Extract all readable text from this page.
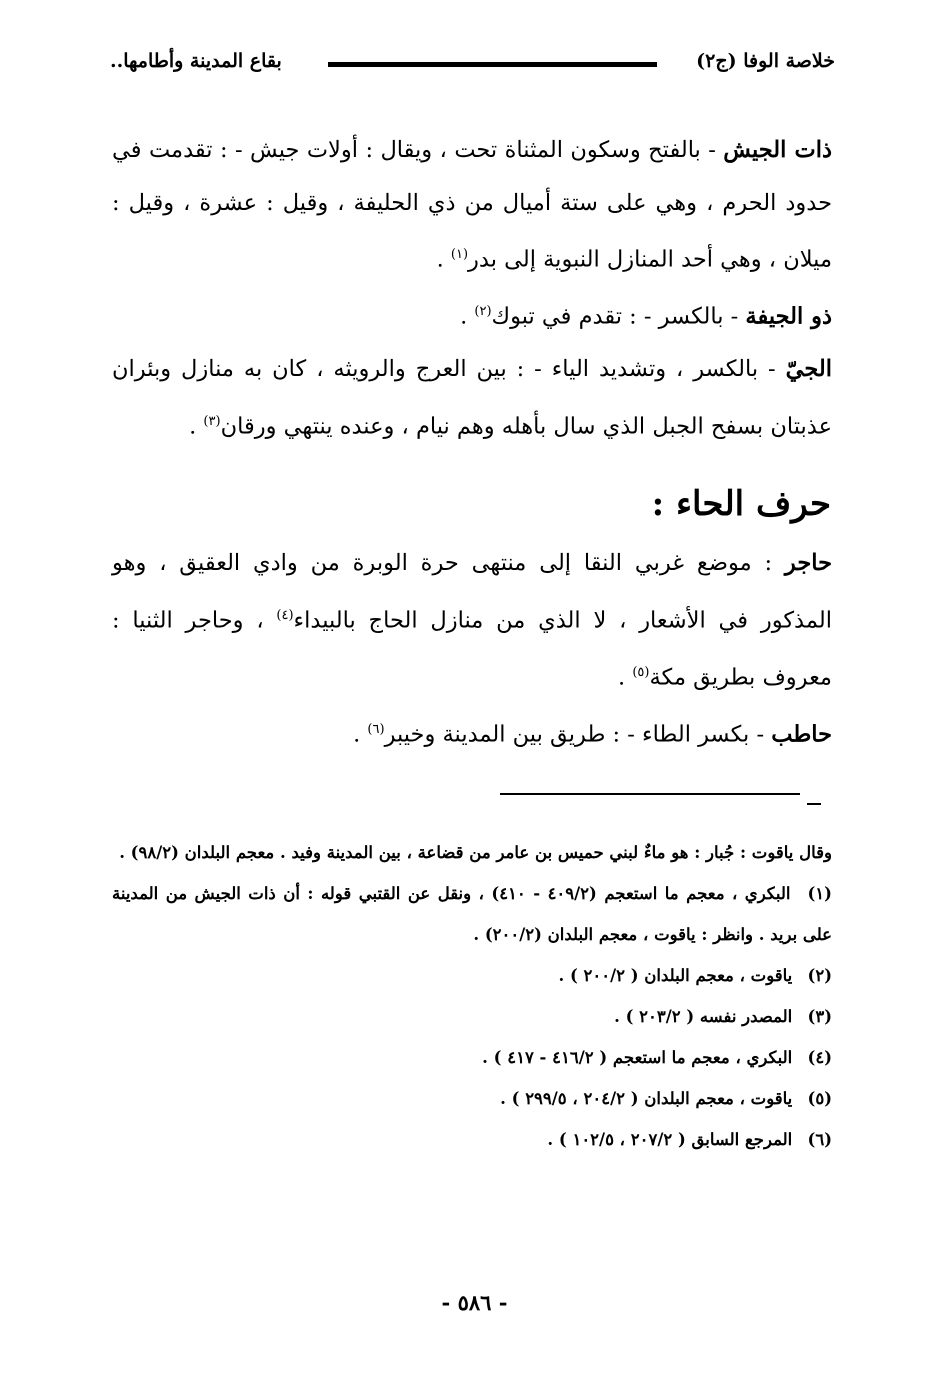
خلاصة الوفا (ج٢)
بقاع المدينة وأطامها..

ذات الجيش - بالفتح وسكون المثناة تحت ، ويقال : أولات جيش - : تقدمت في حدود الحرم ، وهي على ستة أميال من ذي الحليفة ، وقيل : عشرة ، وقيل : ميلان ، وهي أحد المنازل النبوية إلى بدر$^{(١)}$ .

ذو الجيفة - بالكسر - : تقدم في تبوك$^{(٢)}$ .

الجيّ - بالكسر ، وتشديد الياء - : بين العرج والرويثه ، كان به منازل وبئران عذبتان بسفح الجبل الذي سال بأهله وهم نيام ، وعنده ينتهي ورقان$^{(٣)}$ .

حرف الحاء :

حاجر : موضع غربي النقا إلى منتهى حرة الوبرة من وادي العقيق ، وهو المذكور في الأشعار ، لا الذي من منازل الحاج بالبيداء$^{(٤)}$ ، وحاجر الثنيا : معروف بطريق مكة$^{(٥)}$ .

حاطب - بكسر الطاء - : طريق بين المدينة وخيبر$^{(٦)}$ .

وقال ياقوت : جُبار : هو ماءٌ لبني حميس بن عامر من قضاعة ، بين المدينة وفيد . معجم البلدان (٩٨/٢) .

(١) البكري ، معجم ما استعجم (٤٠٩/٢ - ٤١٠) ، ونقل عن القتبي قوله : أن ذات الجيش من المدينة على بريد . وانظر : ياقوت ، معجم البلدان (٢٠٠/٢) .

(٢) ياقوت ، معجم البلدان ( ٢٠٠/٢ ) .

(٣) المصدر نفسه ( ٢٠٣/٢ ) .

(٤) البكري ، معجم ما استعجم ( ٤١٦/٢ - ٤١٧ ) .

(٥) ياقوت ، معجم البلدان ( ٢٠٤/٢ ، ٢٩٩/٥ ) .

(٦) المرجع السابق ( ٢٠٧/٢ ، ١٠٢/٥ ) .

- ٥٨٦ -
